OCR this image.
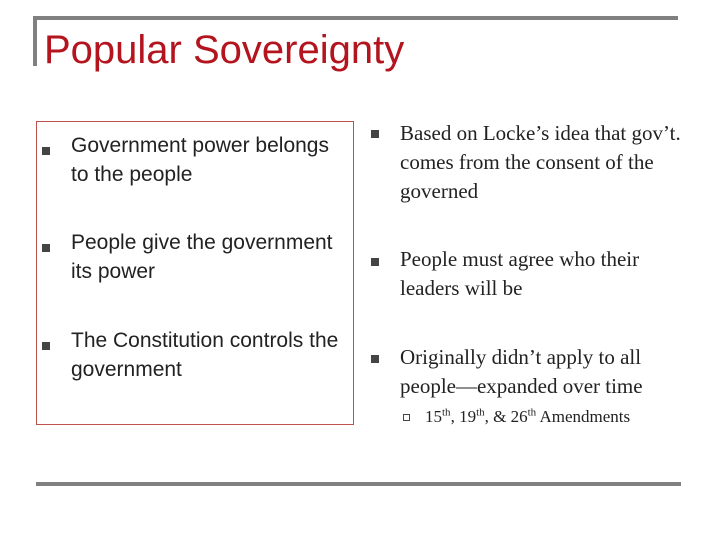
Popular Sovereignty
Government power belongs to the people
People give the government its power
The Constitution controls the government
Based on Locke’s idea that gov’t. comes from the consent of the governed
People must agree who their leaders will be
Originally didn’t apply to all people—expanded over time
15th, 19th, & 26th Amendments
